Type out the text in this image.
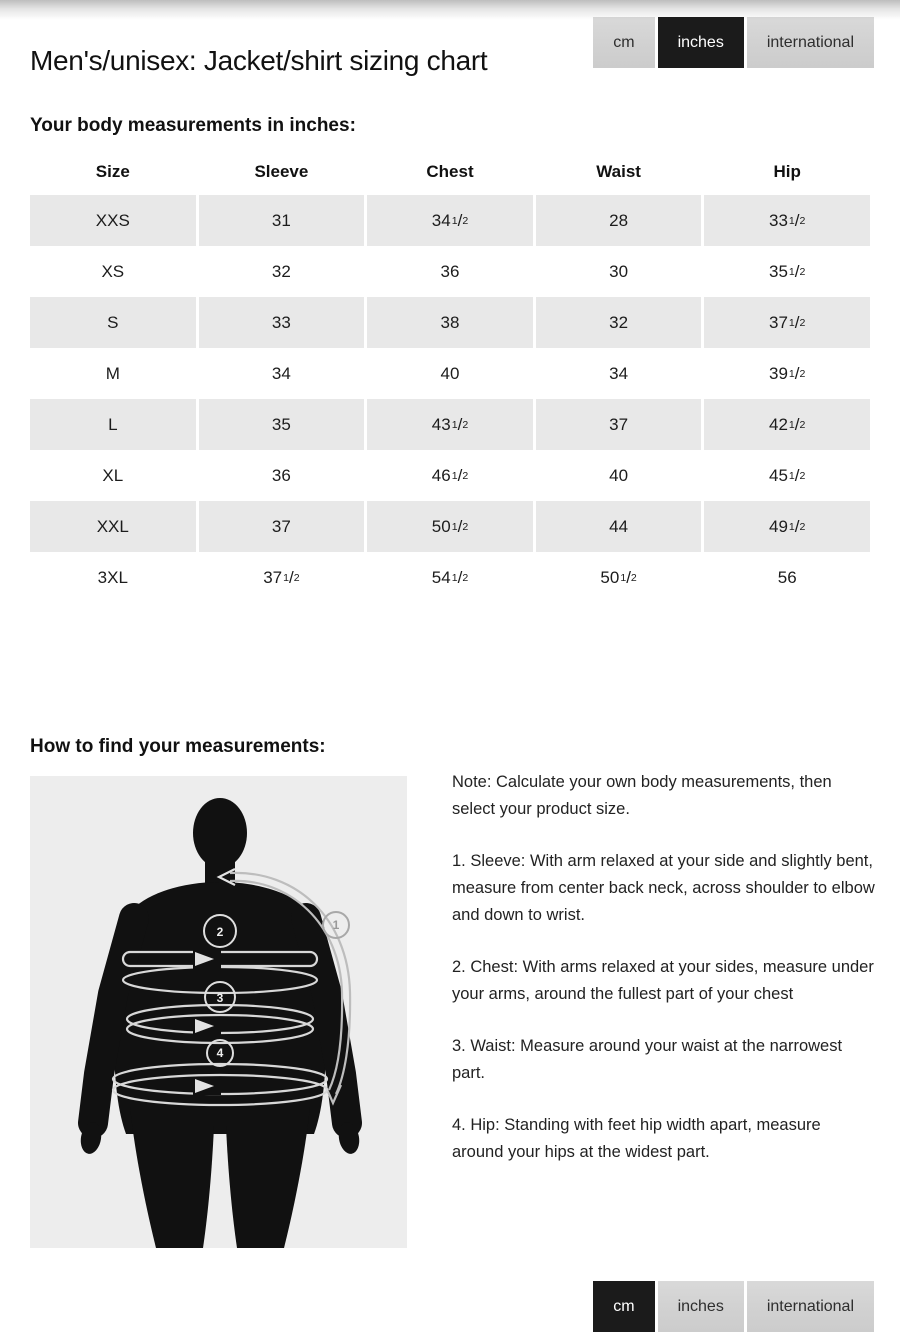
Men's/unisex: Jacket/shirt sizing chart
cm	inches	international
Your body measurements in inches:
Size	Sleeve	Chest	Waist	Hip
XXS	31	34 1 / 2	28	33 1 / 2
XS	32	36	30	35 1 / 2
S	33	38	32	37 1 / 2
M	34	40	34	39 1 / 2
L	35	43 1 / 2	37	42 1 / 2
XL	36	46 1 / 2	40	45 1 / 2
XXL	37	50 1 / 2	44	49 1 / 2
3XL	37 1 / 2	54 1 / 2	50 1 / 2	56
How to find your measurements:
1
2
3
4

Note: Calculate your own body measurements, then select your product size.

1. Sleeve: With arm relaxed at your side and slightly bent, measure from center back neck, across shoulder to elbow and down to wrist.

2. Chest: With arms relaxed at your sides, measure under your arms, around the fullest part of your chest

3. Waist: Measure around your waist at the narrowest part.

4. Hip: Standing with feet hip width apart, measure around your hips at the widest part.

cm	inches	international
